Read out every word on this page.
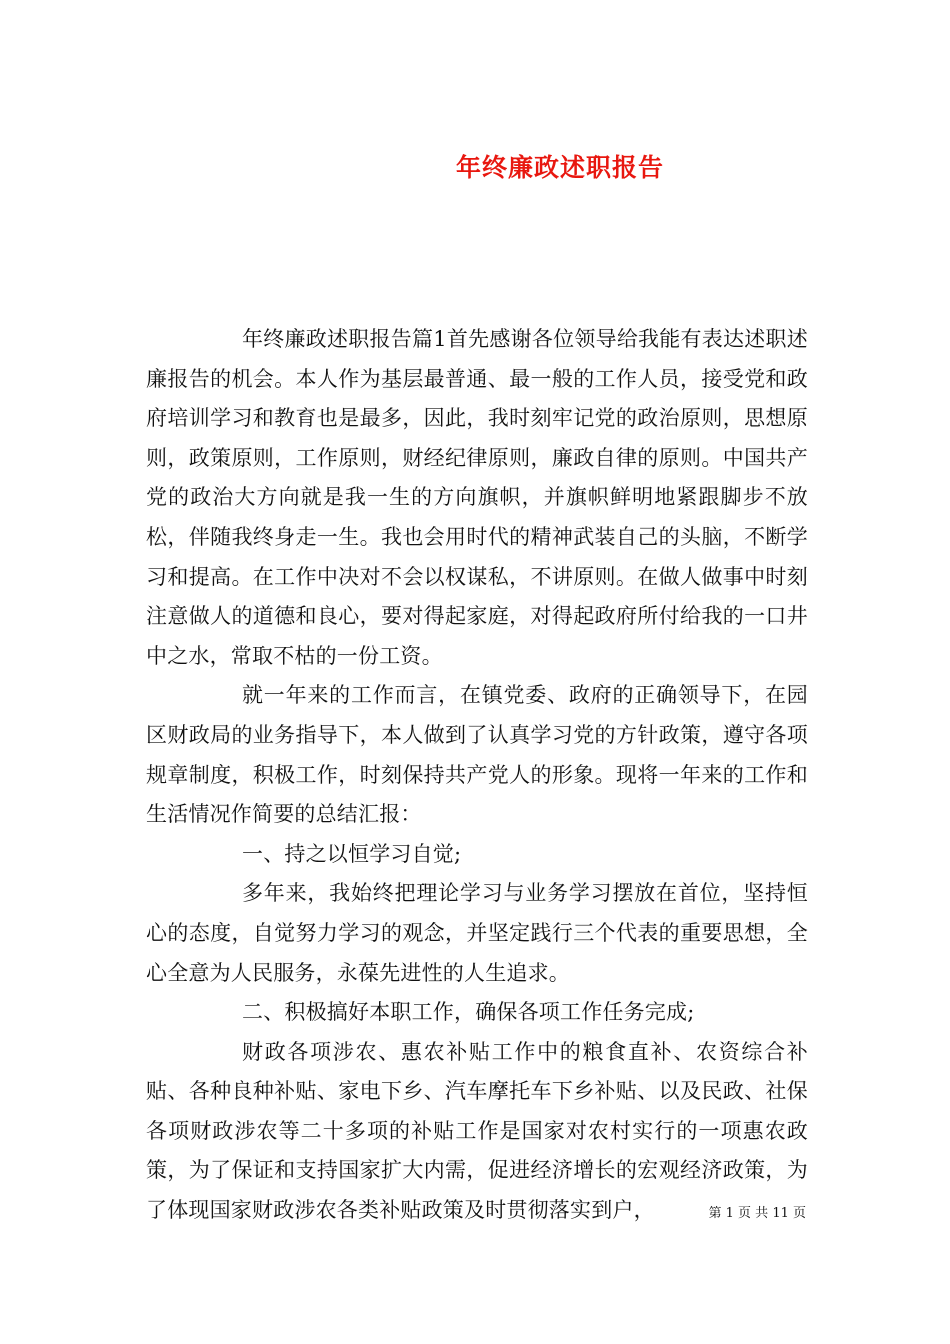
年终廉政述职报告

年终廉政述职报告篇1首先感谢各位领导给我能有表达述职述廉报告的机会。本人作为基层最普通、最一般的工作人员，接受党和政府培训学习和教育也是最多，因此，我时刻牢记党的政治原则，思想原则，政策原则，工作原则，财经纪律原则，廉政自律的原则。中国共产党的政治大方向就是我一生的方向旗帜，并旗帜鲜明地紧跟脚步不放松，伴随我终身走一生。我也会用时代的精神武装自己的头脑，不断学习和提高。在工作中决对不会以权谋私，不讲原则。在做人做事中时刻注意做人的道德和良心，要对得起家庭，对得起政府所付给我的一口井中之水，常取不枯的一份工资。

就一年来的工作而言，在镇党委、政府的正确领导下，在园区财政局的业务指导下，本人做到了认真学习党的方针政策，遵守各项规章制度，积极工作，时刻保持共产党人的形象。现将一年来的工作和生活情况作简要的总结汇报：

一、持之以恒学习自觉;

多年来，我始终把理论学习与业务学习摆放在首位，坚持恒心的态度，自觉努力学习的观念，并坚定践行三个代表的重要思想，全心全意为人民服务，永葆先进性的人生追求。

二、积极搞好本职工作，确保各项工作任务完成;

财政各项涉农、惠农补贴工作中的粮食直补、农资综合补贴、各种良种补贴、家电下乡、汽车摩托车下乡补贴、以及民政、社保各项财政涉农等二十多项的补贴工作是国家对农村实行的一项惠农政策，为了保证和支持国家扩大内需，促进经济增长的宏观经济政策，为了体现国家财政涉农各类补贴政策及时贯彻落实到户，	第 1 页 共 11 页
